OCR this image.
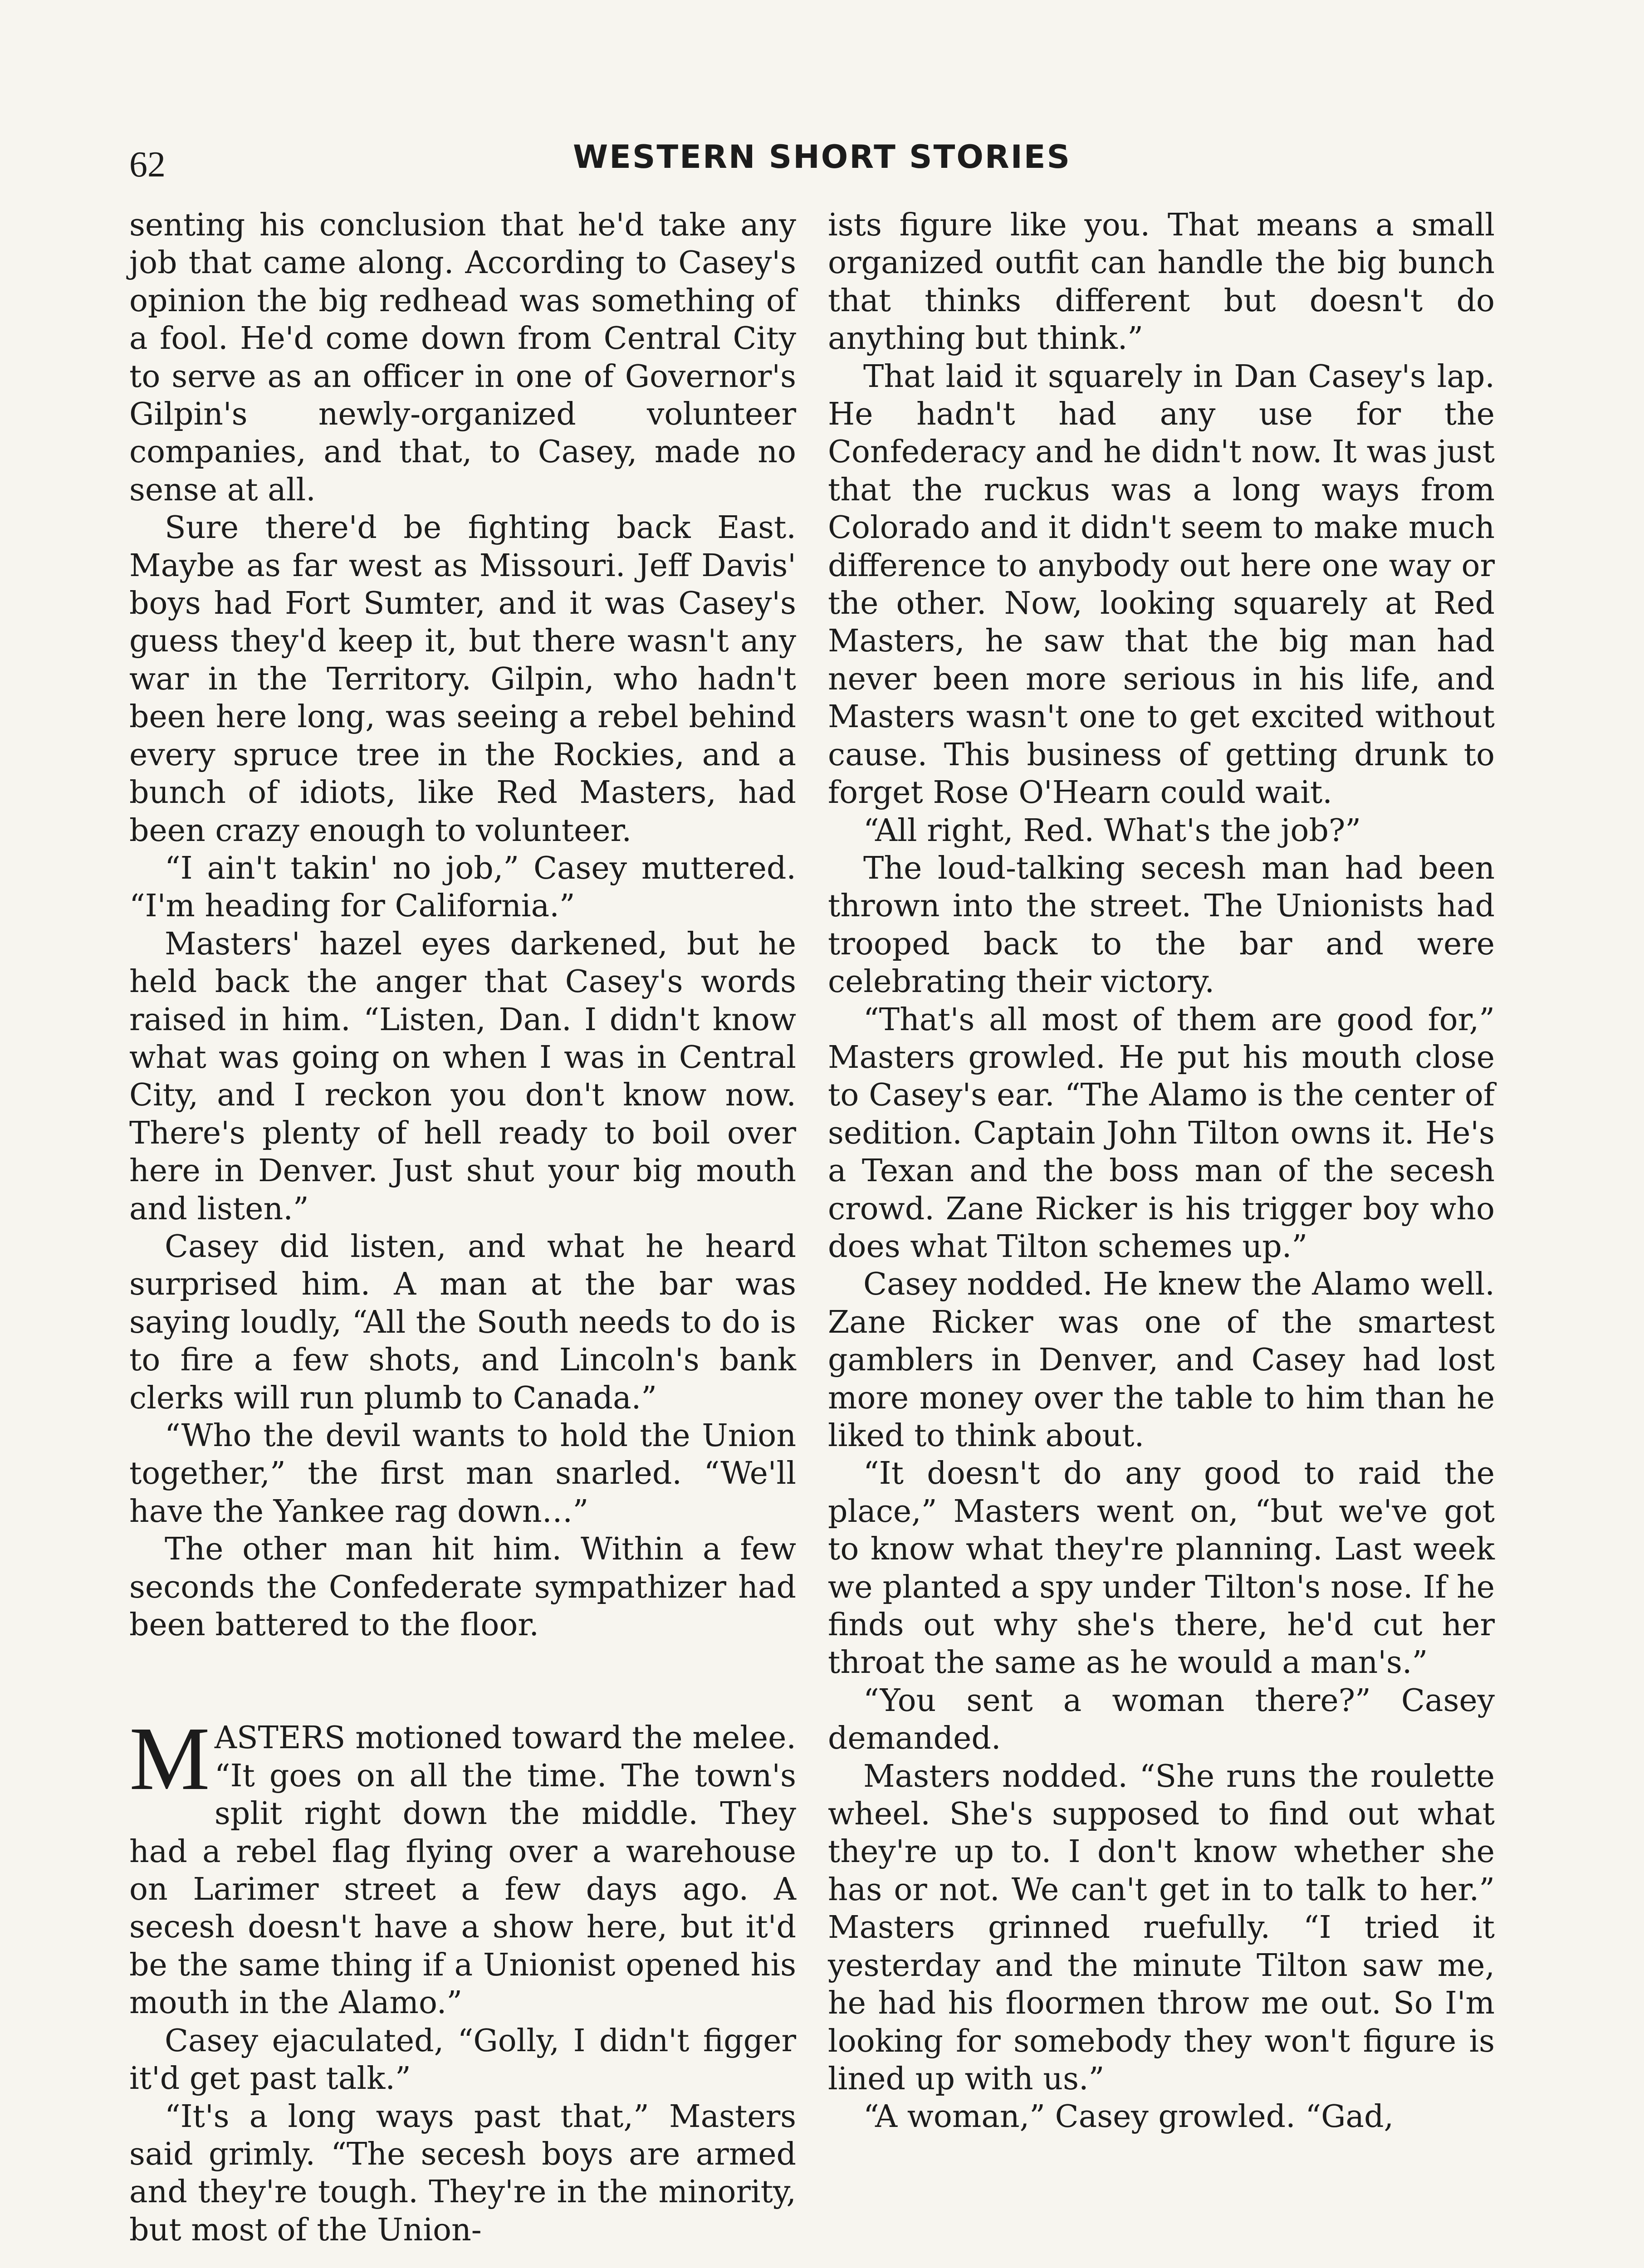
62	WESTERN SHORT STORIES

senting his conclusion that he'd take any job that came along. According to Casey's opinion the big redhead was something of a fool. He'd come down from Central City to serve as an officer in one of Governor's Gilpin's newly-organized volunteer companies, and that, to Casey, made no sense at all.

Sure there'd be fighting back East. Maybe as far west as Missouri. Jeff Davis' boys had Fort Sumter, and it was Casey's guess they'd keep it, but there wasn't any war in the Territory. Gilpin, who hadn't been here long, was seeing a rebel behind every spruce tree in the Rockies, and a bunch of idiots, like Red Masters, had been crazy enough to volunteer.

“I ain't takin' no job,” Casey muttered. “I'm heading for California.”

Masters' hazel eyes darkened, but he held back the anger that Casey's words raised in him. “Listen, Dan. I didn't know what was going on when I was in Central City, and I reckon you don't know now. There's plenty of hell ready to boil over here in Denver. Just shut your big mouth and listen.”

Casey did listen, and what he heard surprised him. A man at the bar was saying loudly, “All the South needs to do is to fire a few shots, and Lincoln's bank clerks will run plumb to Canada.”

“Who the devil wants to hold the Union together,” the first man snarled. “We'll have the Yankee rag down…”

The other man hit him. Within a few seconds the Confederate sympathizer had been battered to the floor.

MASTERS motioned toward the melee. “It goes on all the time. The town's split right down the middle. They had a rebel flag flying over a warehouse on Larimer street a few days ago. A secesh doesn't have a show here, but it'd be the same thing if a Unionist opened his mouth in the Alamo.”

Casey ejaculated, “Golly, I didn't figger it'd get past talk.”

“It's a long ways past that,” Masters said grimly. “The secesh boys are armed and they're tough. They're in the minority, but most of the Union-

ists figure like you. That means a small organized outfit can handle the big bunch that thinks different but doesn't do anything but think.”

That laid it squarely in Dan Casey's lap. He hadn't had any use for the Confederacy and he didn't now. It was just that the ruckus was a long ways from Colorado and it didn't seem to make much difference to anybody out here one way or the other. Now, looking squarely at Red Masters, he saw that the big man had never been more serious in his life, and Masters wasn't one to get excited without cause. This business of getting drunk to forget Rose O'Hearn could wait.

“All right, Red. What's the job?”

The loud-talking secesh man had been thrown into the street. The Unionists had trooped back to the bar and were celebrating their victory.

“That's all most of them are good for,” Masters growled. He put his mouth close to Casey's ear. “The Alamo is the center of sedition. Captain John Tilton owns it. He's a Texan and the boss man of the secesh crowd. Zane Ricker is his trigger boy who does what Tilton schemes up.”

Casey nodded. He knew the Alamo well. Zane Ricker was one of the smartest gamblers in Denver, and Casey had lost more money over the table to him than he liked to think about.

“It doesn't do any good to raid the place,” Masters went on, “but we've got to know what they're planning. Last week we planted a spy under Tilton's nose. If he finds out why she's there, he'd cut her throat the same as he would a man's.”

“You sent a woman there?” Casey demanded.

Masters nodded. “She runs the roulette wheel. She's supposed to find out what they're up to. I don't know whether she has or not. We can't get in to talk to her.” Masters grinned ruefully. “I tried it yesterday and the minute Tilton saw me, he had his floormen throw me out. So I'm looking for somebody they won't figure is lined up with us.”

“A woman,” Casey growled. “Gad,
